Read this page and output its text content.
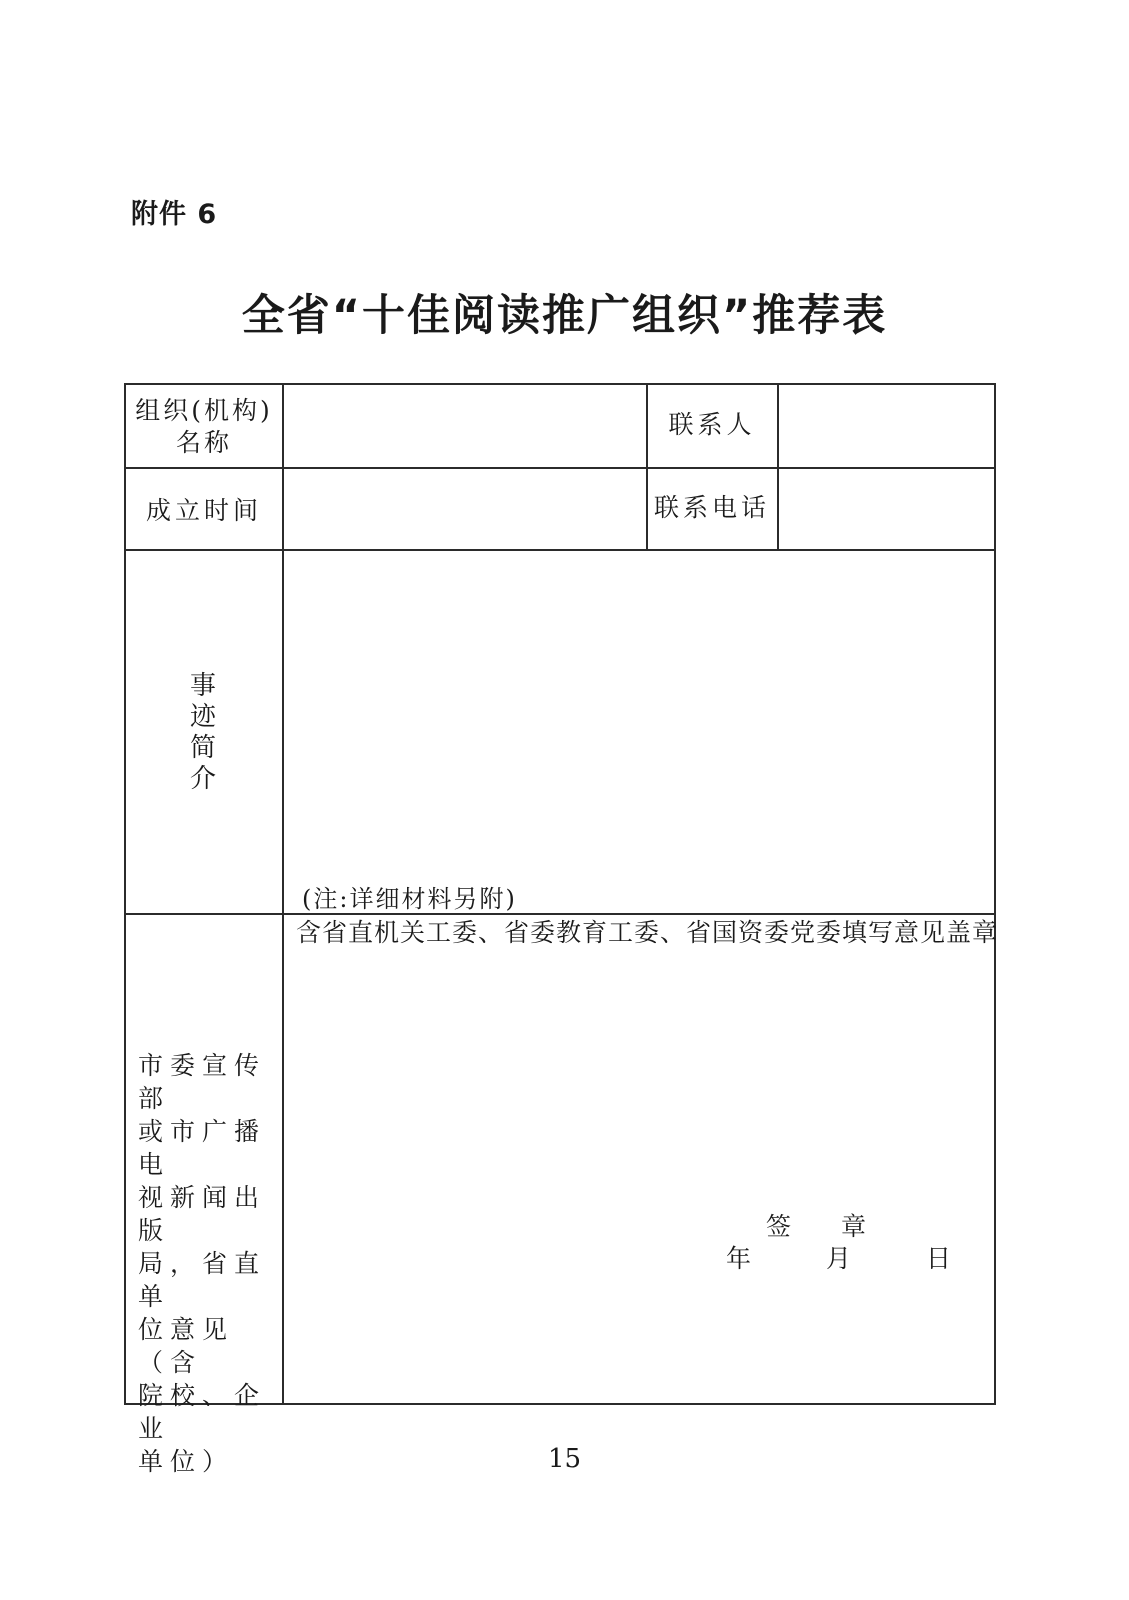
附件 6
全省“十佳阅读推广组织”推荐表
组织(机构)
名称
联系人
成立时间	联系电话
事
迹
简
介
(注:详细材料另附)
市委宣传部
或市广播电
视新闻出版
局，省直单
位意见（含
院校、企业
单位）
含省直机关工委、省委教育工委、省国资委党委填写意见盖章
签　　章
年　　　月　　　日
15
